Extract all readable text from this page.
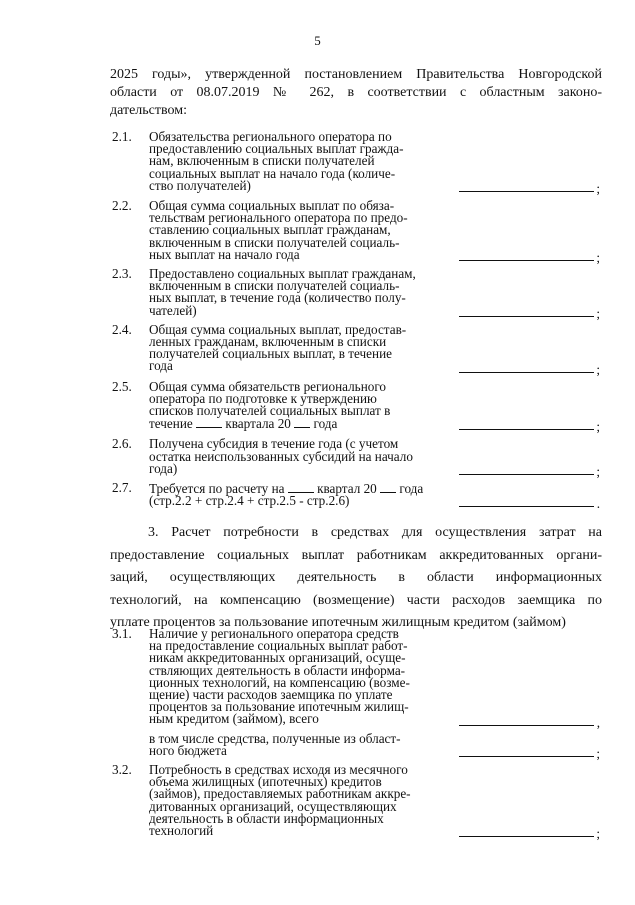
5
2025 годы», утвержденной постановлением Правительства Новгородской
области от 08.07.2019 № 262, в соответствии с областным законо-
дательством:
2.1.	Обязательства регионального оператора по
предоставлению социальных выплат граждa-
нам, включенным в списки получателей
социальных выплат на начало года (количе-
ство получателей)	;
2.2.	Общая сумма социальных выплат по обяза-
тельствам регионального оператора по предо-
ставлению социальных выплат гражданам,
включенным в списки получателей социаль-
ных выплат на начало года	;
2.3.	Предоставлено социальных выплат гражданам,
включенным в списки получателей социаль-
ных выплат, в течение года (количество полу-
чателей)	;
2.4.	Общая сумма социальных выплат, предостав-
ленных гражданам, включенным в списки
получателей социальных выплат, в течение
года	;
2.5.	Общая сумма обязательств регионального
оператора по подготовке к утверждению
списков получателей социальных выплат в
течение  квартала 20  года	;
2.6.	Получена субсидия в течение года (с учетом
остатка неиспользованных субсидий на начало
года)	;
2.7.	Требуется по расчету на  квартал 20  года
(стр.2.2 + стр.2.4 + стр.2.5 - стр.2.6)	.
3. Расчет потребности в средствах для осуществления затрат на
предоставление социальных выплат работникам аккредитованных органи-
заций, осуществляющих деятельность в области информационных
технологий, на компенсацию (возмещение) части расходов заемщика по
уплате процентов за пользование ипотечным жилищным кредитом (займом)
3.1.	Наличие у регионального оператора средств
на предоставление социальных выплат работ-
никам аккредитованных организаций, осуще-
ствляющих деятельность в области информа-
ционных технологий, на компенсацию (возме-
щение) части расходов заемщика по уплате
процентов за пользование ипотечным жилищ-
ным кредитом (займом), всего	,
в том числе средства, полученные из област-
ного бюджета	;
3.2.	Потребность в средствах исходя из месячного
объема жилищных (ипотечных) кредитов
(займов), предоставляемых работникам аккре-
дитованных организаций, осуществляющих
деятельность в области информационных
технологий	;
